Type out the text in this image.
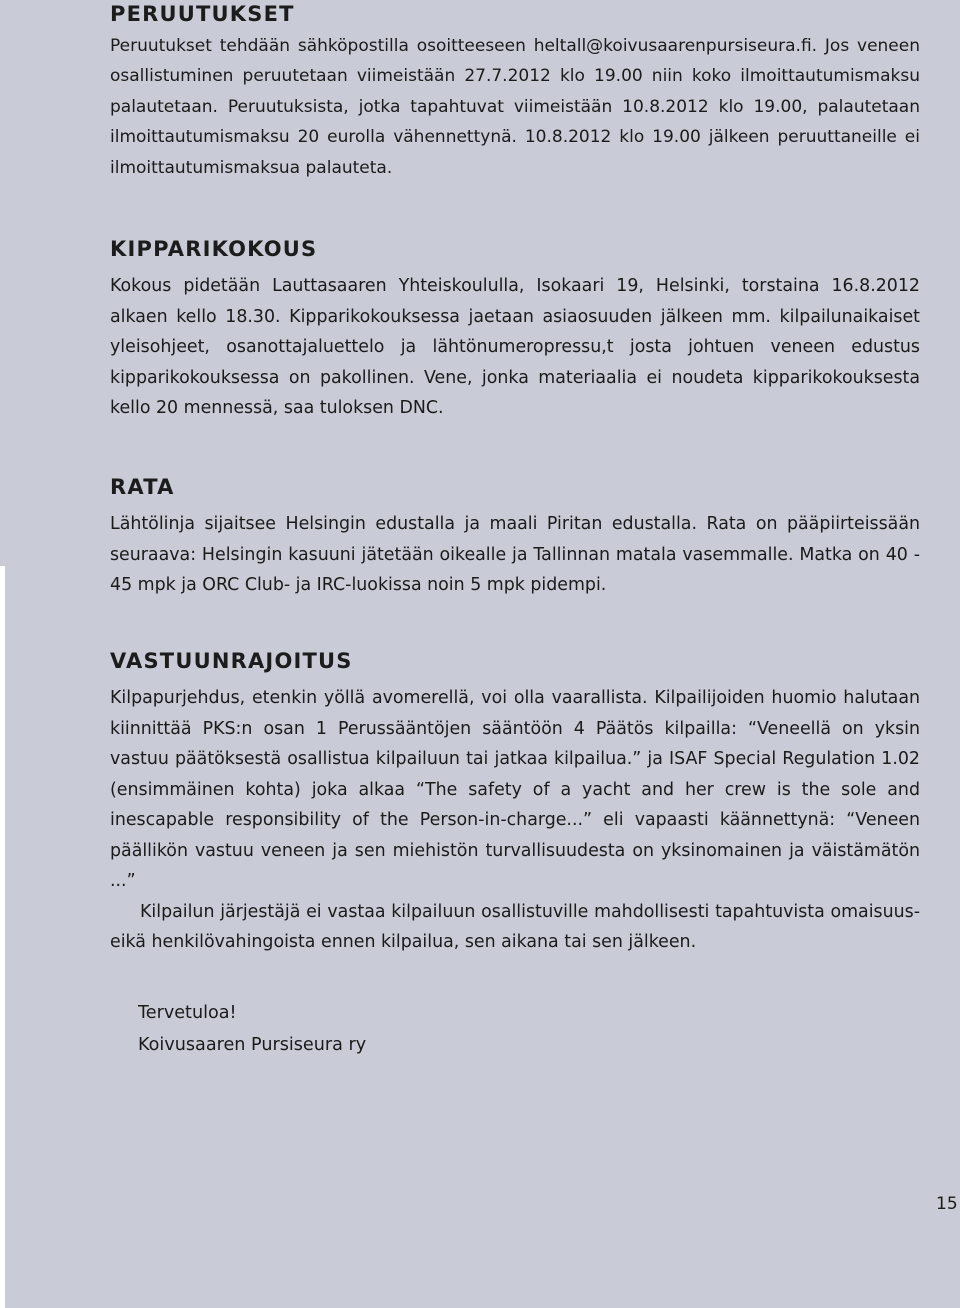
PERUUTUKSET

Peruutukset tehdään sähköpostilla osoitteeseen heltall@koivusaarenpursiseura.fi. Jos veneen osallistuminen peruutetaan viimeistään 27.7.2012 klo 19.00 niin koko ilmoittautumismaksu palautetaan. Peruutuksista, jotka tapahtuvat viimeistään 10.8.2012 klo 19.00, palautetaan ilmoittautumismaksu 20 eurolla vähennettynä. 10.8.2012 klo 19.00 jälkeen peruuttaneille ei ilmoittautumismaksua palauteta.

KIPPARIKOKOUS

Kokous pidetään Lauttasaaren Yhteiskoululla, Isokaari 19, Helsinki, torstaina 16.8.2012 alkaen kello 18.30. Kipparikokouksessa jaetaan asiaosuuden jälkeen mm. kilpailunaikaiset yleisohjeet, osanottajaluettelo ja lähtönumeropressu,t josta johtuen veneen edustus kipparikokouksessa on pakollinen. Vene, jonka materiaalia ei noudeta kipparikokouksesta kello 20 mennessä, saa tuloksen DNC.

RATA

Lähtölinja sijaitsee Helsingin edustalla ja maali Piritan edustalla. Rata on pääpiirteissään seuraava: Helsingin kasuuni jätetään oikealle ja Tallinnan matala vasemmalle. Matka on 40 - 45 mpk ja ORC Club- ja IRC-luokissa noin 5 mpk pidempi.

VASTUUNRAJOITUS

Kilpapurjehdus, etenkin yöllä avomerellä, voi olla vaarallista. Kilpailijoiden huomio halutaan kiinnittää PKS:n osan 1 Perussääntöjen sääntöön 4 Päätös kilpailla: “Veneellä on yksin vastuu päätöksestä osallistua kilpailuun tai jatkaa kilpailua.” ja ISAF Special Regulation 1.02 (ensimmäinen kohta) joka alkaa “The safety of a yacht and her crew is the sole and inescapable responsibility of the Person-in-charge...” eli vapaasti käännettynä: “Veneen päällikön vastuu veneen ja sen miehistön turvallisuudesta on yksinomainen ja väistämätön ...”

Kilpailun järjestäjä ei vastaa kilpailuun osallistuville mahdollisesti tapahtuvista omaisuus- eikä henkilövahingoista ennen kilpailua, sen aikana tai sen jälkeen.

Tervetuloa!
Koivusaaren Pursiseura ry
15
